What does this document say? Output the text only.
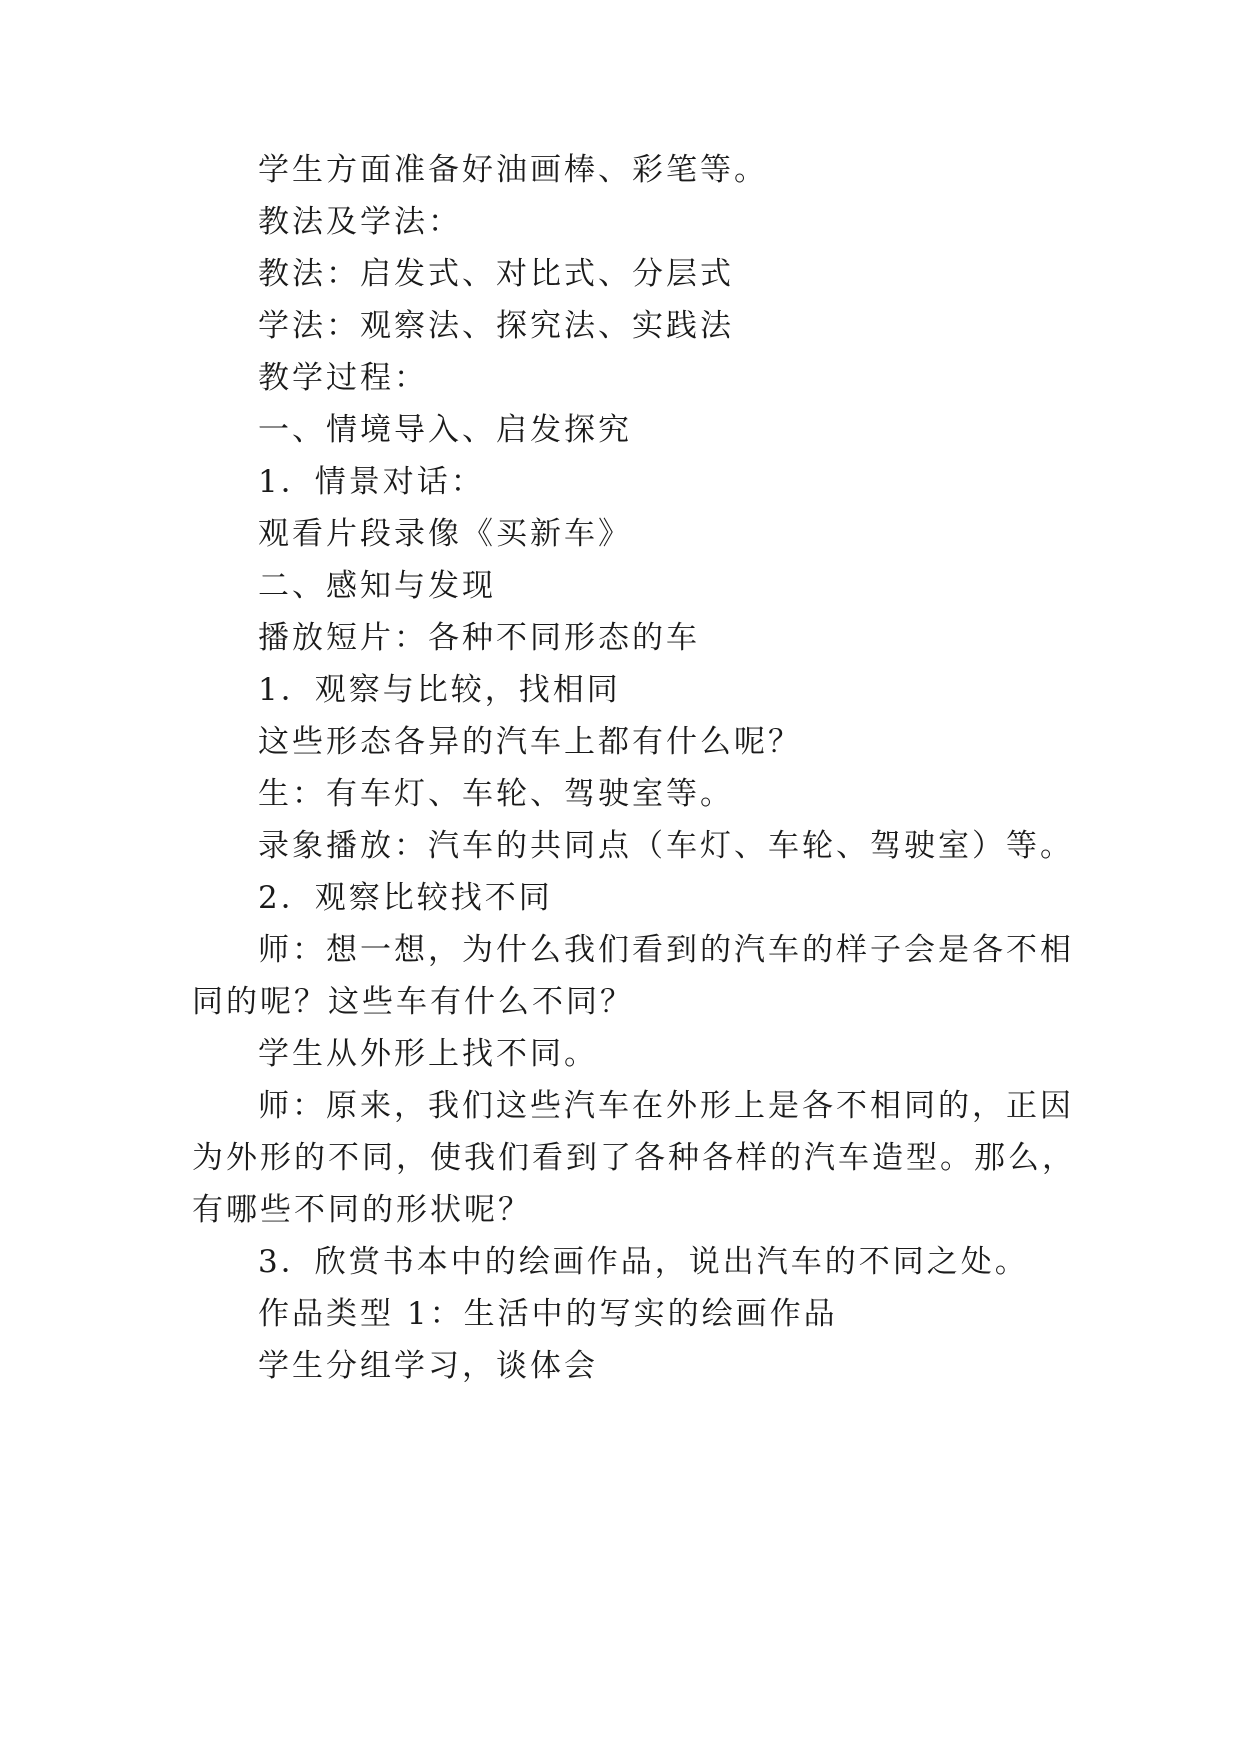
学生方面准备好油画棒、彩笔等。
教法及学法：
教法：启发式、对比式、分层式
学法：观察法、探究法、实践法
教学过程：
一、情境导入、启发探究
1．情景对话：
观看片段录像《买新车》
二、感知与发现
播放短片：各种不同形态的车
1．观察与比较，找相同
这些形态各异的汽车上都有什么呢？
生：有车灯、车轮、驾驶室等。
录象播放：汽车的共同点（车灯、车轮、驾驶室）等。
2．观察比较找不同
师：想一想，为什么我们看到的汽车的样子会是各不相
同的呢？这些车有什么不同？
学生从外形上找不同。
师：原来，我们这些汽车在外形上是各不相同的，正因
为外形的不同，使我们看到了各种各样的汽车造型。那么，
有哪些不同的形状呢？
3．欣赏书本中的绘画作品，说出汽车的不同之处。
作品类型 1：生活中的写实的绘画作品
学生分组学习，谈体会
